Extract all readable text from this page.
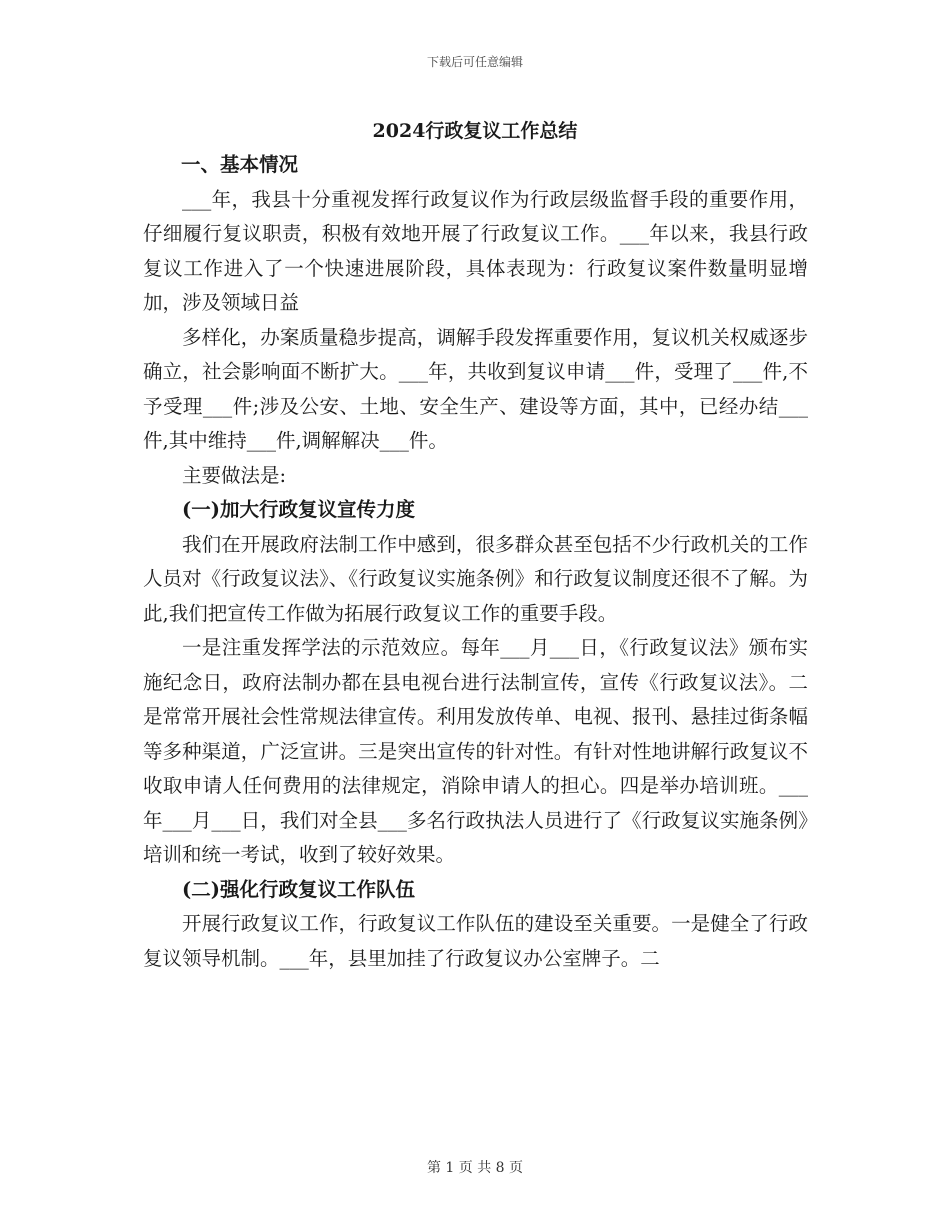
下载后可任意编辑
2024行政复议工作总结
一、基本情况

___年，我县十分重视发挥行政复议作为行政层级监督手段的重要作用，仔细履行复议职责，积极有效地开展了行政复议工作。___年以来，我县行政复议工作进入了一个快速进展阶段，具体表现为：行政复议案件数量明显增加，涉及领域日益

多样化，办案质量稳步提高，调解手段发挥重要作用，复议机关权威逐步确立，社会影响面不断扩大。___年，共收到复议申请___件，受理了___件,不予受理___件;涉及公安、土地、安全生产、建设等方面，其中，已经办结___件,其中维持___件,调解解决___件。

主要做法是:

(一)加大行政复议宣传力度

我们在开展政府法制工作中感到，很多群众甚至包括不少行政机关的工作人员对《行政复议法》、《行政复议实施条例》和行政复议制度还很不了解。为此,我们把宣传工作做为拓展行政复议工作的重要手段。

一是注重发挥学法的示范效应。每年___月___日，《行政复议法》颁布实施纪念日，政府法制办都在县电视台进行法制宣传，宣传《行政复议法》。二是常常开展社会性常规法律宣传。利用发放传单、电视、报刊、悬挂过街条幅等多种渠道，广泛宣讲。三是突出宣传的针对性。有针对性地讲解行政复议不收取申请人任何费用的法律规定，消除申请人的担心。四是举办培训班。___年___月___日，我们对全县___多名行政执法人员进行了《行政复议实施条例》培训和统一考试，收到了较好效果。

(二)强化行政复议工作队伍

开展行政复议工作，行政复议工作队伍的建设至关重要。一是健全了行政复议领导机制。___年，县里加挂了行政复议办公室牌子。二

第 1 页 共 8 页
